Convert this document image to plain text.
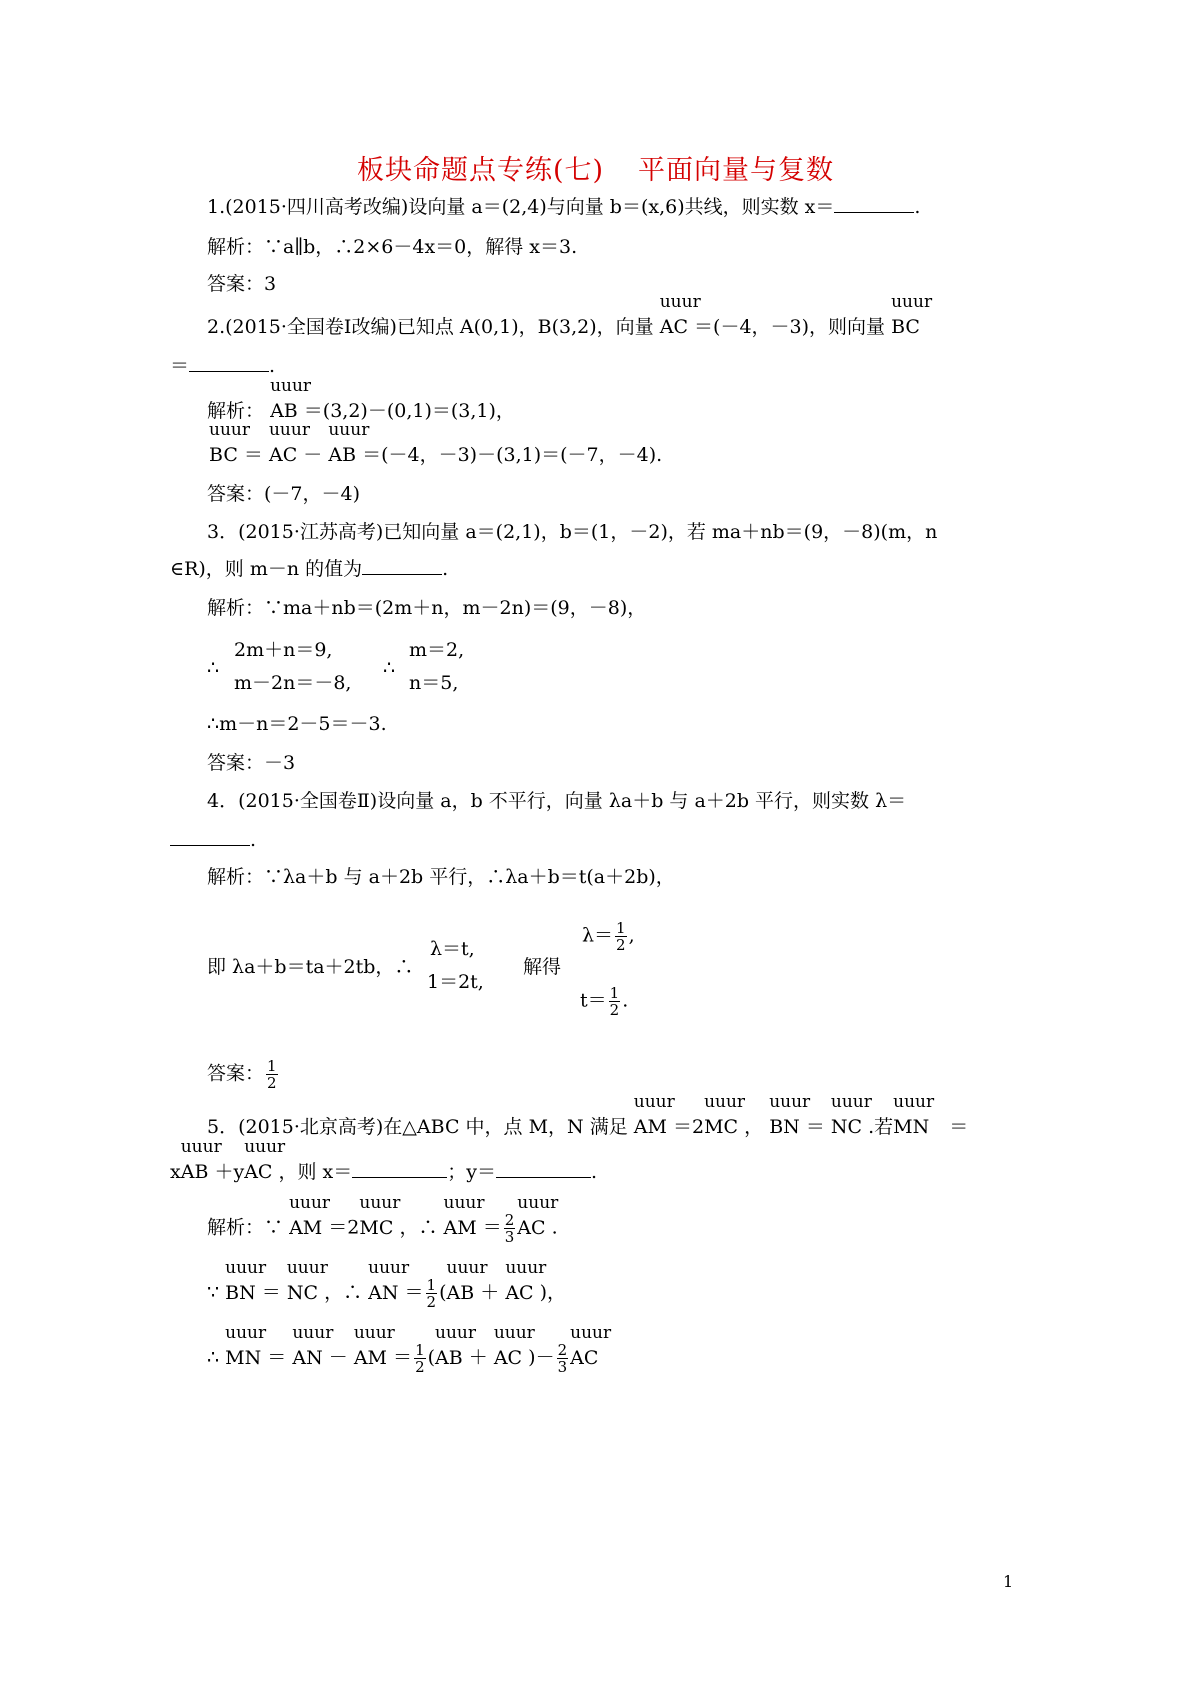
板块命题点专练(七) 平面向量与复数
1.(2015·四川高考改编)设向量 a＝(2,4)与向量 b＝(x,6)共线，则实数 x＝	.
解析：∵a∥b，∴2×6－4x＝0，解得 x＝3.
答案：3
2.(2015·全国卷Ⅰ改编)已知点 A(0,1)，B(3,2)，向量
uuur
AC ＝(－4，－3)，则向量
uuur
BC
＝	.
解析：
uuur
AB ＝(3,2)－(0,1)＝(3,1)，
uuur
BC ＝
uuur
AC －
uuur
AB ＝(－4，－3)－(3,1)＝(－7，－4).
答案：(－7，－4)
3．(2015·江苏高考)已知向量 a＝(2,1)，b＝(1，－2)，若 ma＋nb＝(9，－8)(m，n
∈R)，则 m－n 的值为	.
解析：∵ma＋nb＝(2m＋n，m－2n)＝(9，－8)，
∴
2m＋n＝9,
m－2n＝－8,
∴
m＝2,
n＝5,
∴m－n＝2－5＝－3.
答案：－3
4．(2015·全国卷Ⅱ)设向量 a，b 不平行，向量 λa＋b 与 a＋2b 平行，则实数 λ＝
.
解析：∵λa＋b 与 a＋2b 平行，∴λa＋b＝t(a＋2b)，
即 λa＋b＝ta＋2tb，∴
λ＝t,
1＝2t,
解得
$\lambda= \frac{1}{2}$ ,
$t= \frac{1}{2}$ .
答案： $\frac{1}{2}$
5．(2015·北京高考)在△ABC 中，点 M，N 满足
uuur
AM ＝2
uuur
MC ，
uuur
BN ＝
uuur
NC .若
uuur
MN ＝
x
uuur
AB ＋y
uuur
AC ，则 x＝	；y＝	.
解析：∵
uuur
AM ＝2
uuur
MC ，∴
uuur
AM ＝ $\frac{2}{3}$
uuur
AC .
∵
uuur
BN ＝
uuur
NC ，∴
uuur
AN ＝ $\frac{1}{2}$ (
uuur
AB ＋
uuur
AC )，
∴
uuur
MN ＝
uuur
AN －
uuur
AM ＝ $\frac{1}{2}$ (
uuur
AB ＋
uuur
AC )－ $\frac{2}{3}$
uuur
AC
1
